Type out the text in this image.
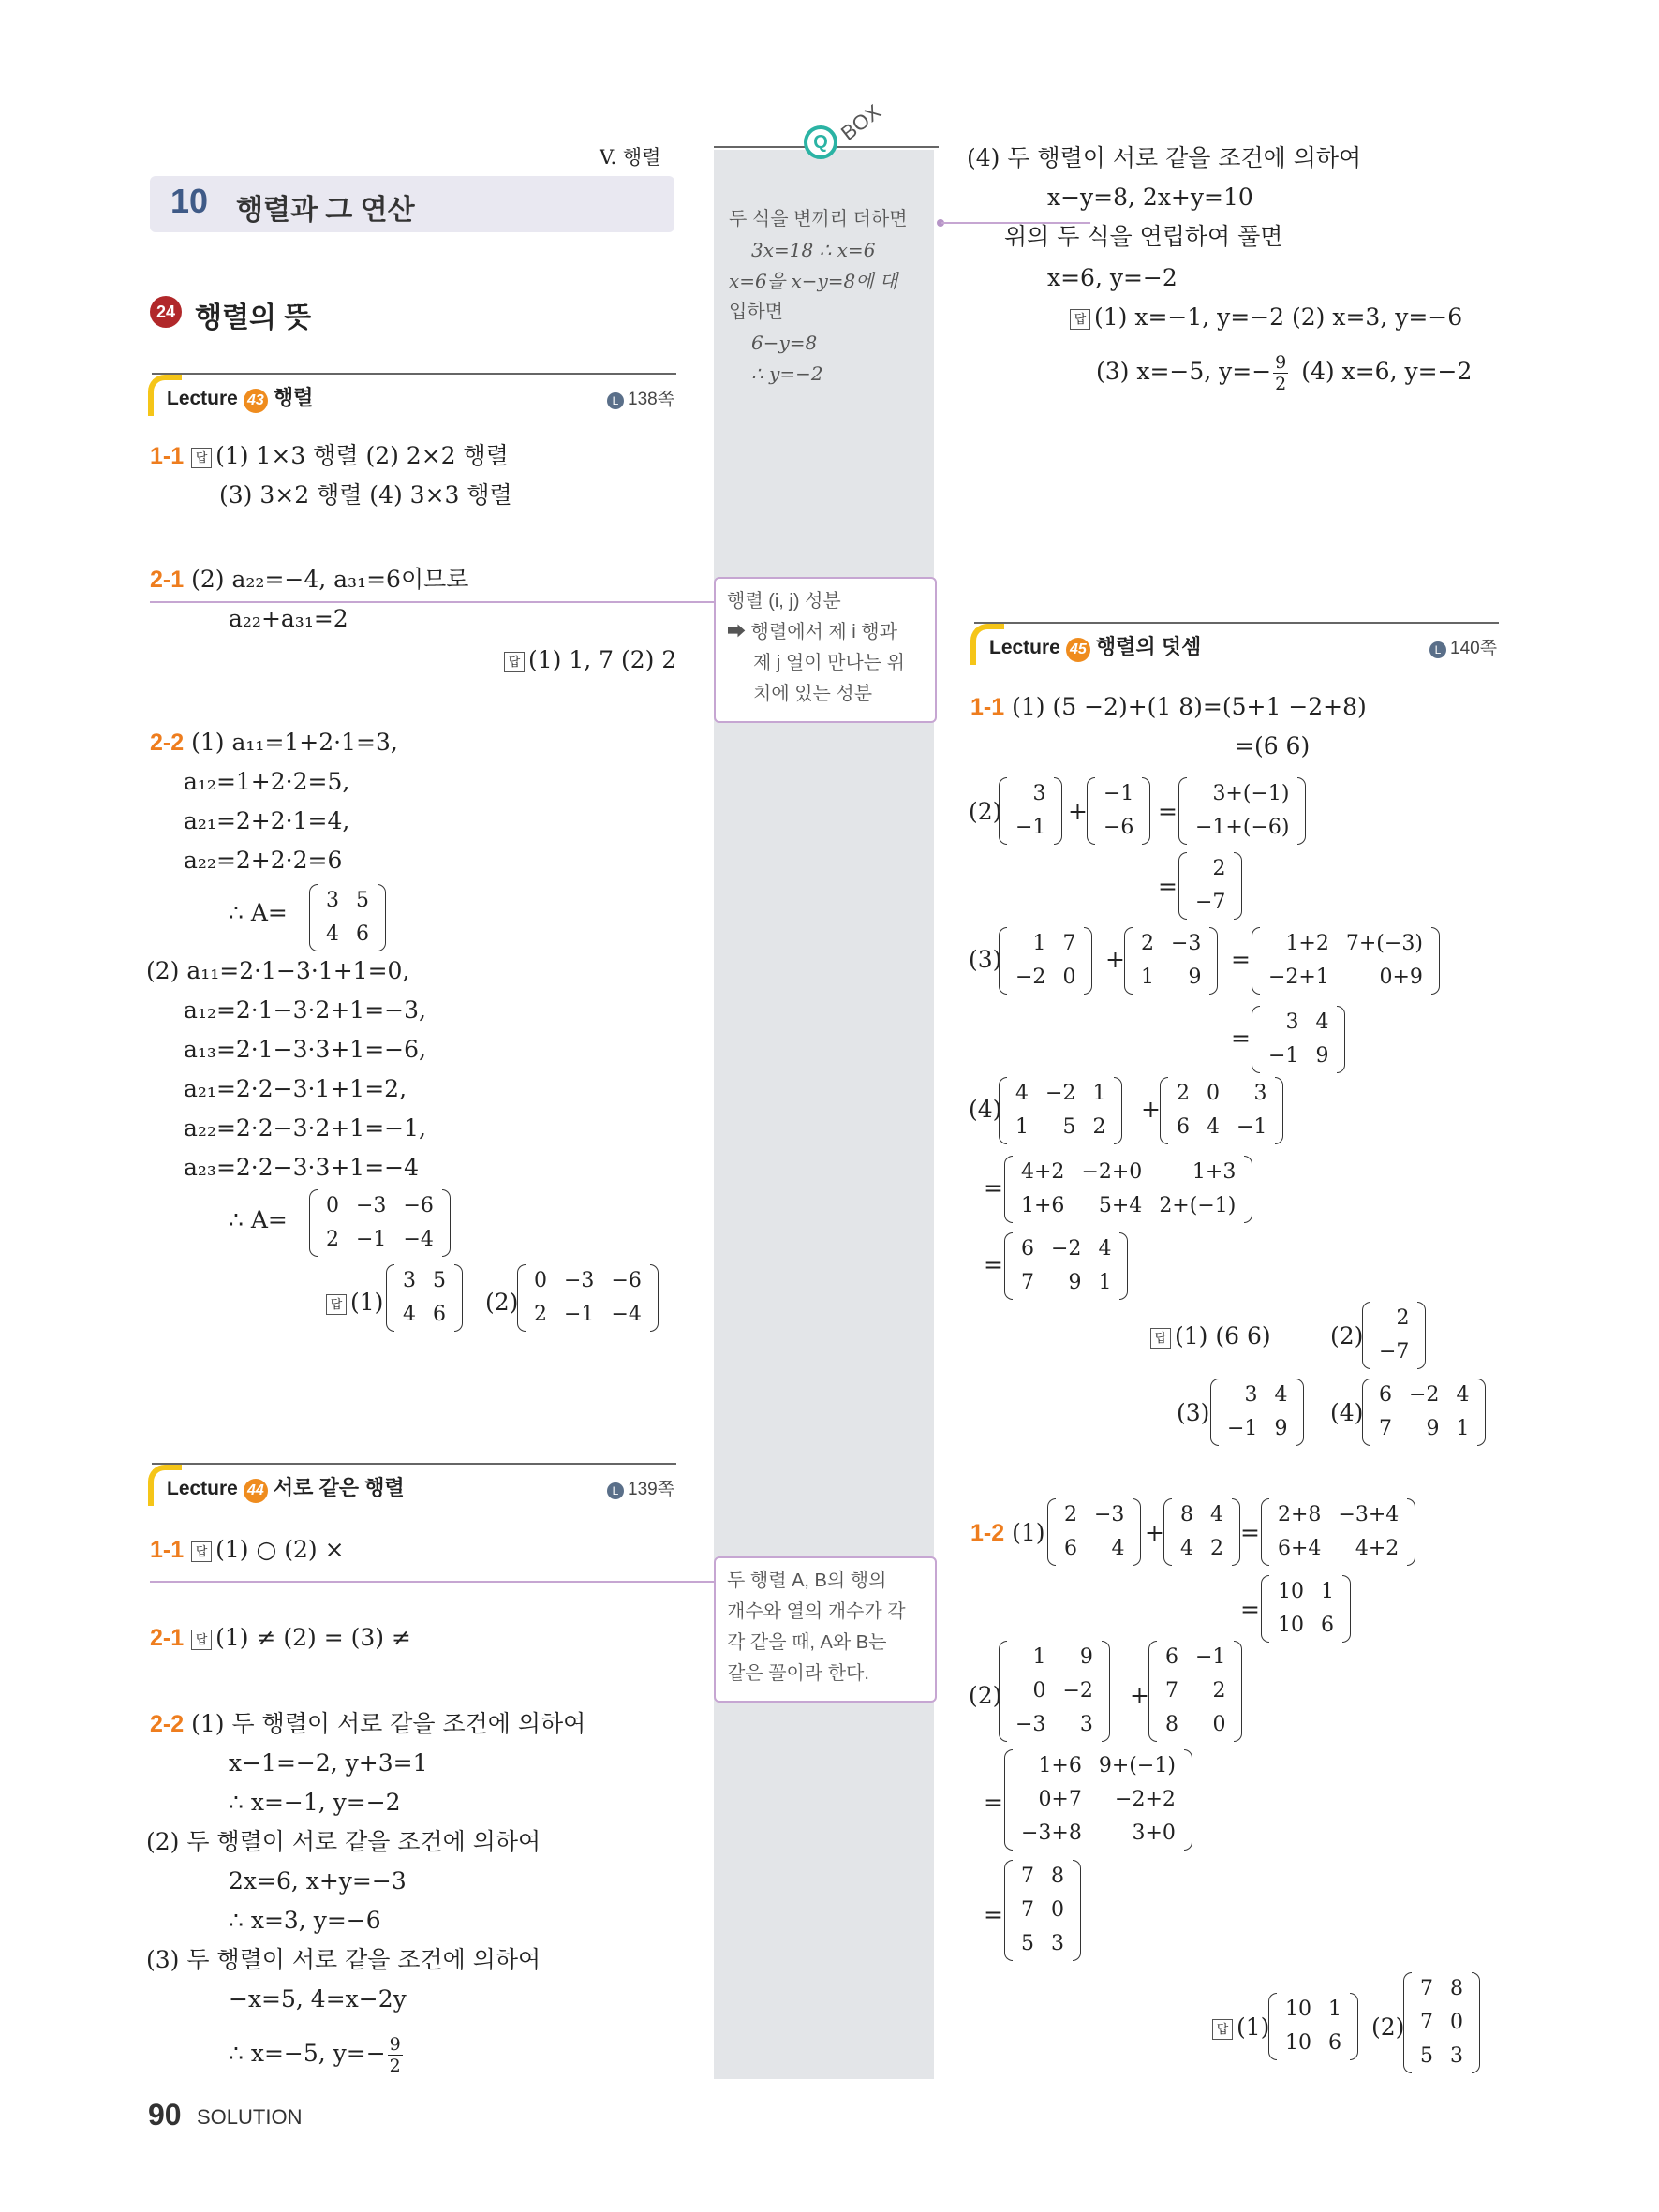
V. 행렬
10 행렬과 그 연산
24 행렬의 뜻
Q BOX
두 식을 변끼리 더하면
3x=18 ∴ x=6
x=6을 x−y=8에 대
입하면
6−y=8
∴ y=−2
행렬 (i, j) 성분
➡ 행렬에서 제 i 행과
제 j 열이 만나는 위
치에 있는 성분
두 행렬 A, B의 행의
개수와 열의 개수가 각
각 같을 때, A와 B는
같은 꼴이라 한다.
Lecture 43 행렬	L 138쪽
1-1 답 (1) 1×3 행렬 (2) 2×2 행렬
(3) 3×2 행렬 (4) 3×3 행렬
2-1 (2) a₂₂=−4, a₃₁=6이므로
a₂₂+a₃₁=2
답 (1) 1, 7 (2) 2
2-2 (1) a₁₁=1+2·1=3,
a₁₂=1+2·2=5,
a₂₁=2+2·1=4,
a₂₂=2+2·2=6
∴ A= 3	5
4	6
(2) a₁₁=2·1−3·1+1=0,
a₁₂=2·1−3·2+1=−3,
a₁₃=2·1−3·3+1=−6,
a₂₁=2·2−3·1+1=2,
a₂₂=2·2−3·2+1=−1,
a₂₃=2·2−3·3+1=−4
∴ A=
0	−3	−6
2	−1	−4
답 (1)
3	5
4	6 (2)
0	−3	−6
2	−1	−4
Lecture 44 서로 같은 행렬	L 139쪽
1-1 답 (1) ○ (2) ×
2-1 답 (1) ≠ (2) = (3) ≠
2-2 (1) 두 행렬이 서로 같을 조건에 의하여
x−1=−2, y+3=1
∴ x=−1, y=−2
(2) 두 행렬이 서로 같을 조건에 의하여
2x=6, x+y=−3
∴ x=3, y=−6
(3) 두 행렬이 서로 같을 조건에 의하여
−x=5, 4=x−2y
∴ x=−5, $y=- \frac{9}{2}$
(4) 두 행렬이 서로 같을 조건에 의하여
x−y=8, 2x+y=10
위의 두 식을 연립하여 풀면
x=6, y=−2
답 (1) x=−1, y=−2 (2) x=3, y=−6
(3) x=−5, $y=- \frac{9}{2} (4)$ x=6, y=−2
Lecture 45 행렬의 덧셈	L 140쪽
1-1 (1) (5 −2)+(1 8)=(5+1 −2+8)
=(6 6)
(2)
3
−1
+
−1
−6
=
3+(−1)
−1+(−6)
=
2
−7
(3)
1	7
−2	0
+
2	−3
1	9
=
1+2	7+(−3)
−2+1	0+9
=
3	4
−1	9
(4)
4	−2	1
1	5	2
+
2	0	3
6	4	−1
=
4+2	−2+0	1+3
1+6	5+4	2+(−1)
=
6	−2	4
7	9	1
답 (1) (6 6)	(2)
2
−7
(3)
3	4
−1	9
(4)
6	−2	4
7	9	1
1-2 (1)
2	−3
6	4
+
8	4
4	2
=
2+8	−3+4
6+4	4+2
=
10	1
10	6
(2)
1	9
0	−2
−3	3
+
6	−1
7	2
8	0
=
1+6	9+(−1)
0+7	−2+2
−3+8	3+0
=
7	8
7	0
5	3
답 (1)
10	1
10	6
(2)
7	8
7	0
5	3
90 SOLUTION
